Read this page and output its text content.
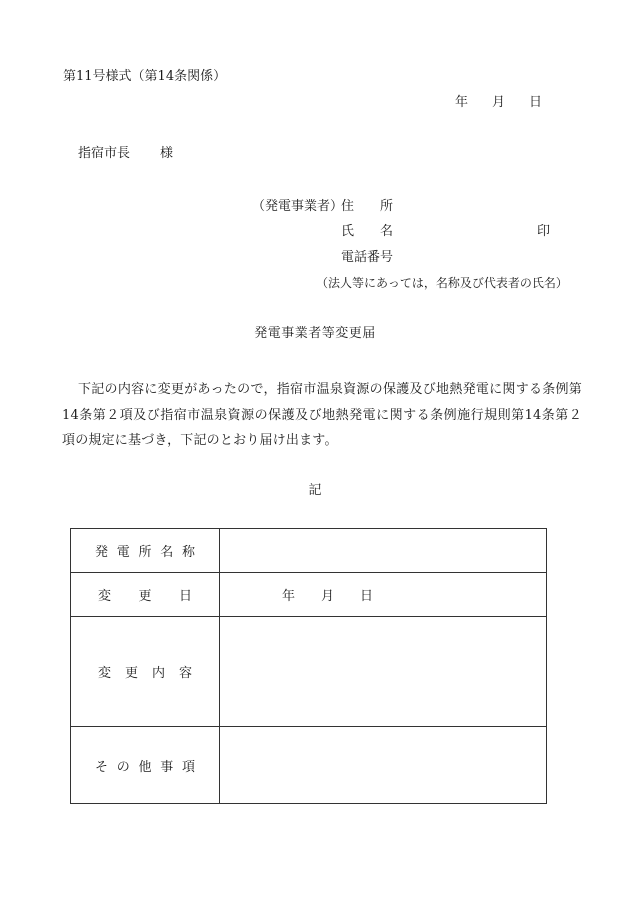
第11号様式（第14条関係）
年 月 日
指宿市長 様
（発電事業者）
住 所
氏 名	印
電話番号
（法人等にあっては，名称及び代表者の氏名）
発電事業者等変更届
下記の内容に変更があったので，指宿市温泉資源の保護及び地熱発電に関する条例第14条第２項及び指宿市温泉資源の保護及び地熱発電に関する条例施行規則第14条第２項の規定に基づき，下記のとおり届け出ます。
記
発 電 所 名 称	

変 更 日	年 月 日

変 更 内 容	

そ の 他 事 項	
